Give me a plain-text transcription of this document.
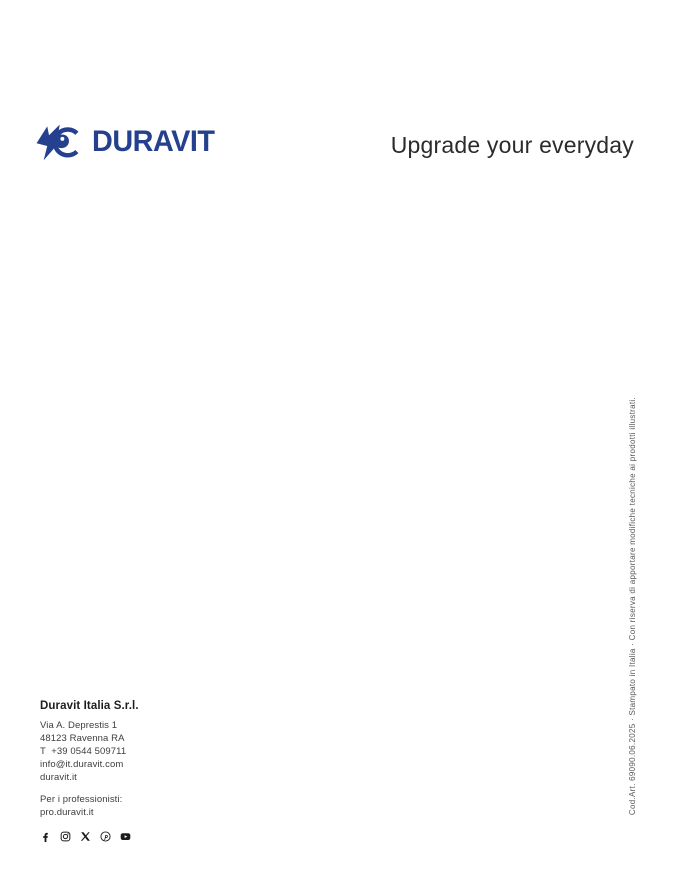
DURAVIT	Upgrade your everyday
Duravit Italia S.r.l.
Via A. Deprestis 1
48123 Ravenna RA
T  +39 0544 509711
info@it.duravit.com
duravit.it
Per i professionisti:
pro.duravit.it	Cod.Art. 69090.06.2025 · Stampato in Italia · Con riserva di apportare modifiche tecniche ai prodotti illustrati.
